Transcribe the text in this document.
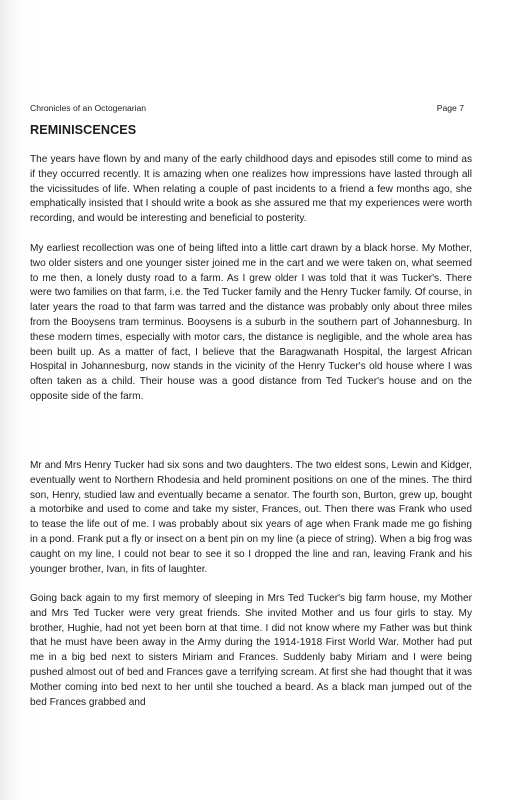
Chronicles of an Octogenarian	Page 7
REMINISCENCES

The years have flown by and many of the early childhood days and episodes still come to mind as if they occurred recently. It is amazing when one realizes how impressions have lasted through all the vicissitudes of life. When relating a couple of past incidents to a friend a few months ago, she emphatically insisted that I should write a book as she assured me that my experiences were worth recording, and would be interesting and beneficial to posterity.

My earliest recollection was one of being lifted into a little cart drawn by a black horse. My Mother, two older sisters and one younger sister joined me in the cart and we were taken on, what seemed to me then, a lonely dusty road to a farm. As I grew older I was told that it was Tucker's. There were two families on that farm, i.e. the Ted Tucker family and the Henry Tucker family. Of course, in later years the road to that farm was tarred and the distance was probably only about three miles from the Booysens tram terminus. Booysens is a suburb in the southern part of Johannesburg. In these modern times, especially with motor cars, the distance is negligible, and the whole area has been built up. As a matter of fact, I believe that the Baragwanath Hospital, the largest African Hospital in Johannesburg, now stands in the vicinity of the Henry Tucker's old house where I was often taken as a child. Their house was a good distance from Ted Tucker's house and on the opposite side of the farm.

Mr and Mrs Henry Tucker had six sons and two daughters. The two eldest sons, Lewin and Kidger, eventually went to Northern Rhodesia and held prominent positions on one of the mines. The third son, Henry, studied law and eventually became a senator. The fourth son, Burton, grew up, bought a motorbike and used to come and take my sister, Frances, out. Then there was Frank who used to tease the life out of me. I was probably about six years of age when Frank made me go fishing in a pond. Frank put a fly or insect on a bent pin on my line (a piece of string). When a big frog was caught on my line, I could not bear to see it so I dropped the line and ran, leaving Frank and his younger brother, Ivan, in fits of laughter.

Going back again to my first memory of sleeping in Mrs Ted Tucker's big farm house, my Mother and Mrs Ted Tucker were very great friends. She invited Mother and us four girls to stay. My brother, Hughie, had not yet been born at that time. I did not know where my Father was but think that he must have been away in the Army during the 1914-1918 First World War. Mother had put me in a big bed next to sisters Miriam and Frances. Suddenly baby Miriam and I were being pushed almost out of bed and Frances gave a terrifying scream. At first she had thought that it was Mother coming into bed next to her until she touched a beard. As a black man jumped out of the bed Frances grabbed and
